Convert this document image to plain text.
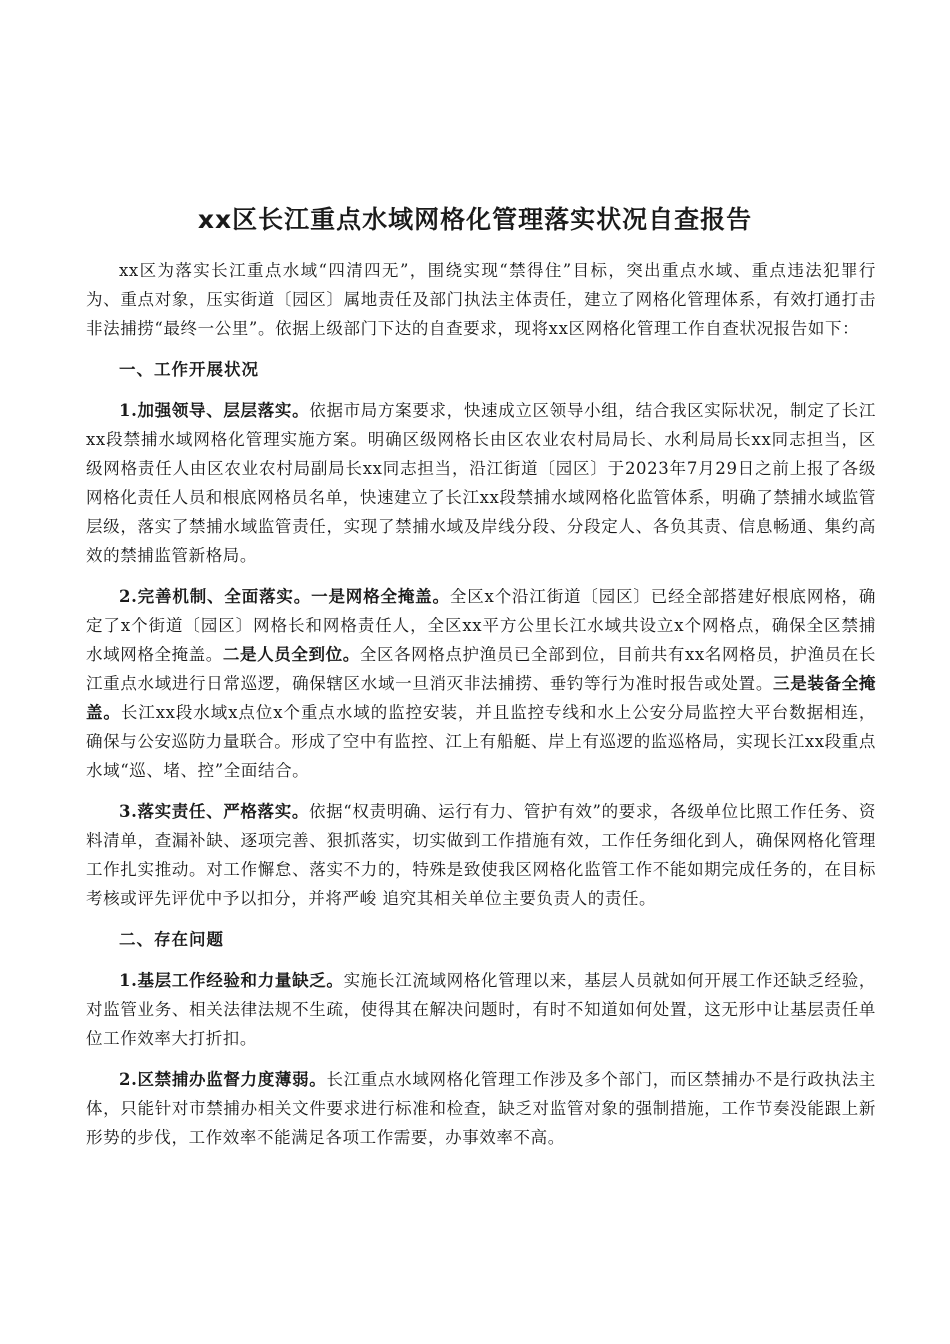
xx区长江重点水域网格化管理落实状况自查报告

xx区为落实长江重点水域“四清四无”，围绕实现“禁得住”目标，突出重点水域、重点违法犯罪行为、重点对象，压实街道〔园区〕属地责任及部门执法主体责任，建立了网格化管理体系，有效打通打击非法捕捞“最终一公里”。依据上级部门下达的自查要求，现将xx区网格化管理工作自查状况报告如下：

一、工作开展状况

1.加强领导、层层落实。依据市局方案要求，快速成立区领导小组，结合我区实际状况，制定了长江xx段禁捕水域网格化管理实施方案。明确区级网格长由区农业农村局局长、水利局局长xx同志担当，区级网格责任人由区农业农村局副局长xx同志担当，沿江街道〔园区〕于2023年7月29日之前上报了各级网格化责任人员和根底网格员名单，快速建立了长江xx段禁捕水域网格化监管体系，明确了禁捕水域监管层级，落实了禁捕水域监管责任，实现了禁捕水域及岸线分段、分段定人、各负其责、信息畅通、集约高效的禁捕监管新格局。

2.完善机制、全面落实。一是网格全掩盖。全区x个沿江街道〔园区〕已经全部搭建好根底网格，确定了x个街道〔园区〕网格长和网格责任人，全区xx平方公里长江水域共设立x个网格点，确保全区禁捕水域网格全掩盖。二是人员全到位。全区各网格点护渔员已全部到位，目前共有xx名网格员，护渔员在长江重点水域进行日常巡逻，确保辖区水域一旦消灭非法捕捞、垂钓等行为准时报告或处置。三是装备全掩盖。长江xx段水域x点位x个重点水域的监控安装，并且监控专线和水上公安分局监控大平台数据相连，确保与公安巡防力量联合。形成了空中有监控、江上有船艇、岸上有巡逻的监巡格局，实现长江xx段重点水域“巡、堵、控”全面结合。

3.落实责任、严格落实。依据“权责明确、运行有力、管护有效”的要求，各级单位比照工作任务、资料清单，查漏补缺、逐项完善、狠抓落实，切实做到工作措施有效，工作任务细化到人，确保网格化管理工作扎实推动。对工作懈怠、落实不力的，特殊是致使我区网格化监管工作不能如期完成任务的，在目标考核或评先评优中予以扣分，并将严峻 追究其相关单位主要负责人的责任。

二、存在问题

1.基层工作经验和力量缺乏。实施长江流域网格化管理以来，基层人员就如何开展工作还缺乏经验，对监管业务、相关法律法规不生疏，使得其在解决问题时，有时不知道如何处置，这无形中让基层责任单位工作效率大打折扣。

2.区禁捕办监督力度薄弱。长江重点水域网格化管理工作涉及多个部门，而区禁捕办不是行政执法主体，只能针对市禁捕办相关文件要求进行标准和检查，缺乏对监管对象的强制措施，工作节奏没能跟上新形势的步伐，工作效率不能满足各项工作需要，办事效率不高。
